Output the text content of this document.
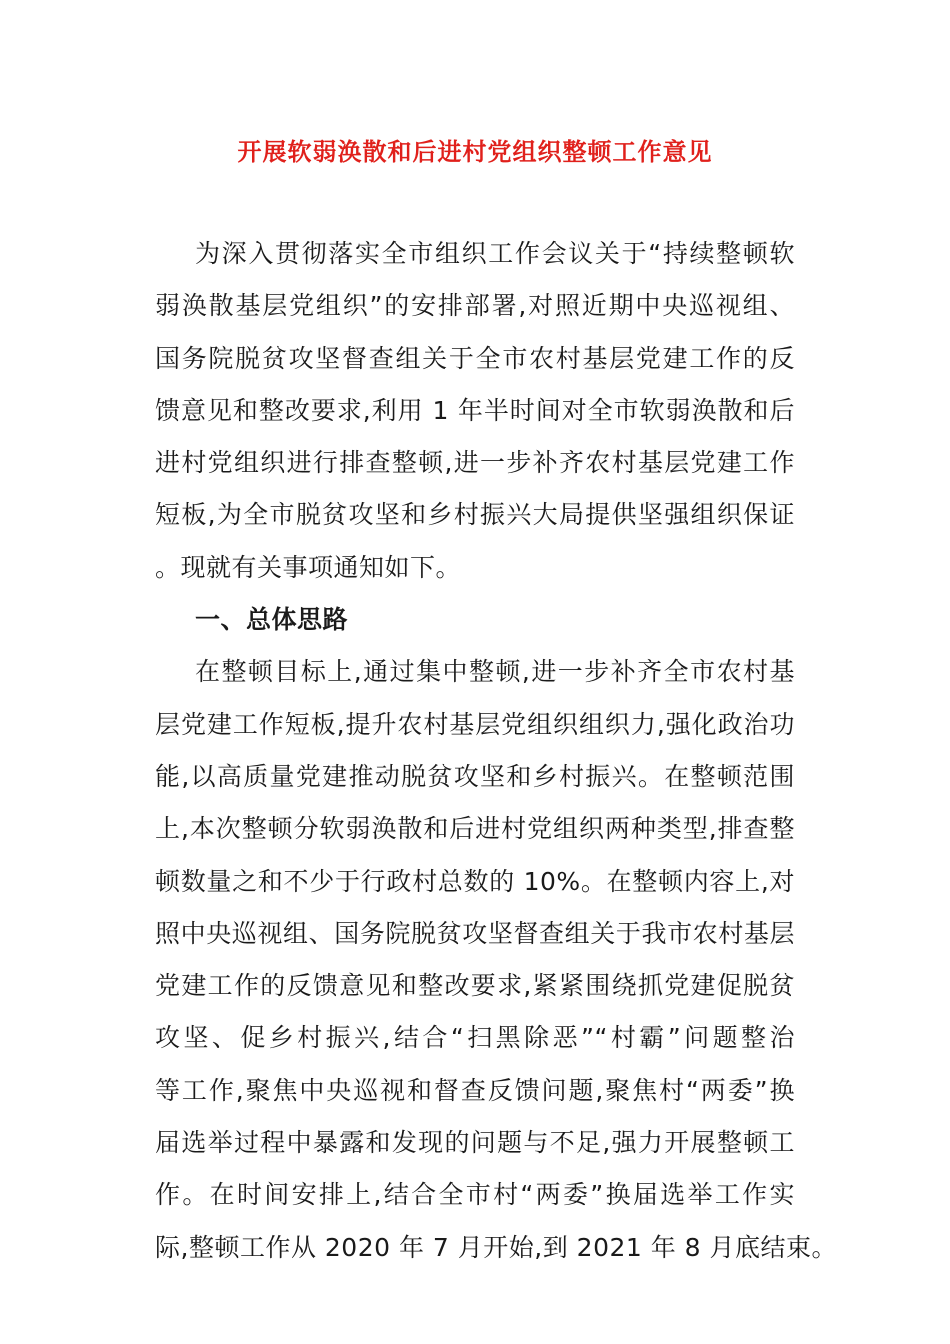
开展软弱涣散和后进村党组织整顿工作意见
为深入贯彻落实全市组织工作会议关于“持续整顿软
弱涣散基层党组织”的安排部署,对照近期中央巡视组、
国务院脱贫攻坚督查组关于全市农村基层党建工作的反
馈意见和整改要求,利用 1 年半时间对全市软弱涣散和后
进村党组织进行排查整顿,进一步补齐农村基层党建工作
短板,为全市脱贫攻坚和乡村振兴大局提供坚强组织保证
。现就有关事项通知如下。
一、总体思路
在整顿目标上,通过集中整顿,进一步补齐全市农村基
层党建工作短板,提升农村基层党组织组织力,强化政治功
能,以高质量党建推动脱贫攻坚和乡村振兴。在整顿范围
上,本次整顿分软弱涣散和后进村党组织两种类型,排查整
顿数量之和不少于行政村总数的 10%。在整顿内容上,对
照中央巡视组、国务院脱贫攻坚督查组关于我市农村基层
党建工作的反馈意见和整改要求,紧紧围绕抓党建促脱贫
攻坚、促乡村振兴,结合“扫黑除恶”“村霸”问题整治
等工作,聚焦中央巡视和督查反馈问题,聚焦村“两委”换
届选举过程中暴露和发现的问题与不足,强力开展整顿工
作。在时间安排上,结合全市村“两委”换届选举工作实
际,整顿工作从 2020 年 7 月开始,到 2021 年 8 月底结束。
